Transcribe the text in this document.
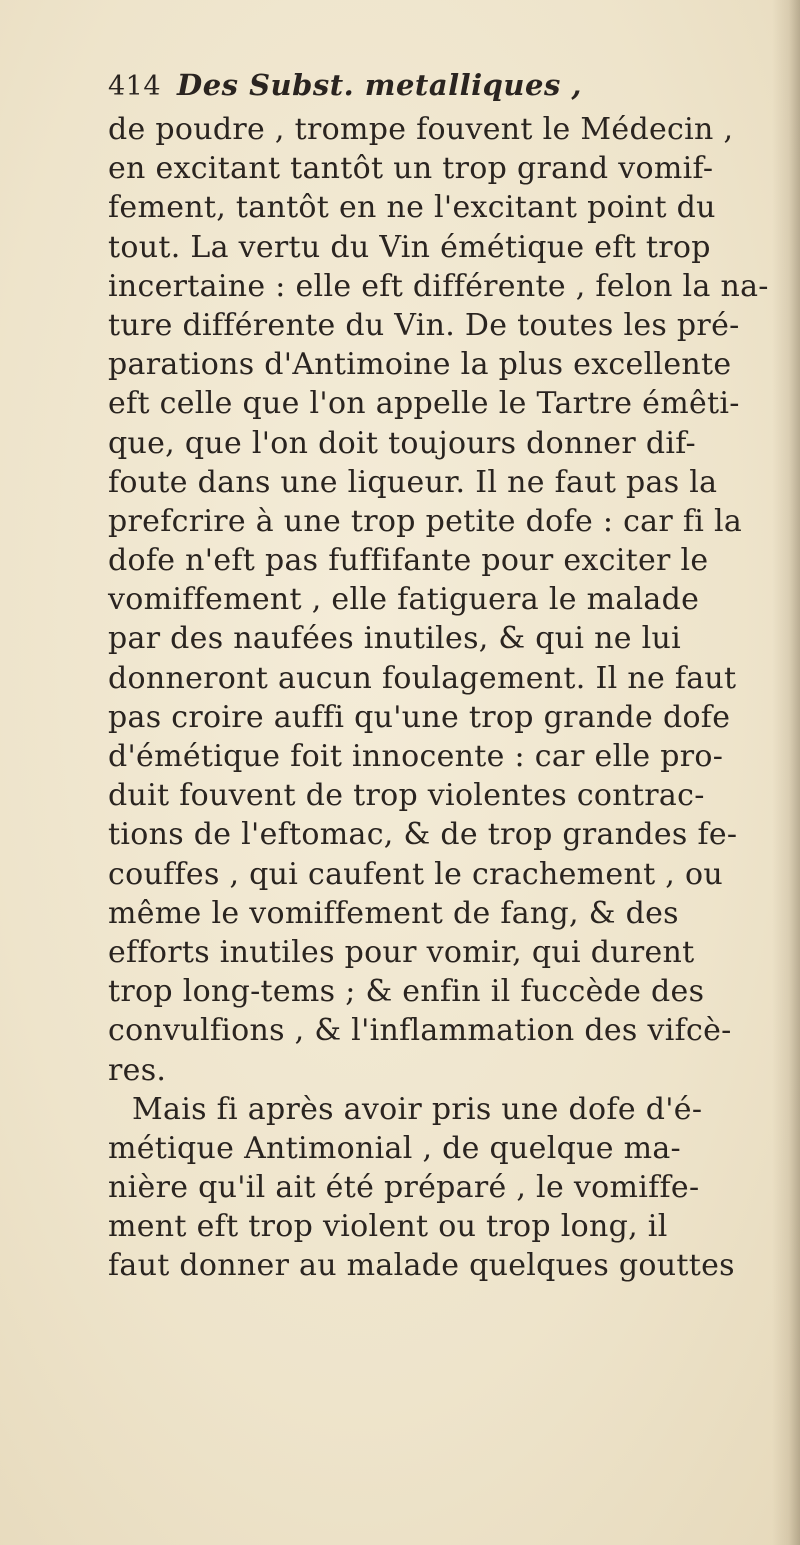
414 Des Subst. metalliques ,
de poudre , trompe fouvent le Médecin ,
en excitant tantôt un trop grand vomif-
fement, tantôt en ne l'excitant point du
tout. La vertu du Vin émétique eft trop
incertaine : elle eft différente , felon la na-
ture différente du Vin. De toutes les pré-
parations d'Antimoine la plus excellente
eft celle que l'on appelle le Tartre émêti-
que, que l'on doit toujours donner dif-
foute dans une liqueur. Il ne faut pas la
prefcrire à une trop petite dofe : car fi la
dofe n'eft pas fuffifante pour exciter le
vomiffement , elle fatiguera le malade
par des naufées inutiles, & qui ne lui
donneront aucun foulagement. Il ne faut
pas croire auffi qu'une trop grande dofe
d'émétique foit innocente : car elle pro-
duit fouvent de trop violentes contrac-
tions de l'eftomac, & de trop grandes fe-
couffes , qui caufent le crachement , ou
même le vomiffement de fang, & des
efforts inutiles pour vomir, qui durent
trop long-tems ; & enfin il fuccède des
convulfions , & l'inflammation des vifcè-
res.
Mais fi après avoir pris une dofe d'é-
métique Antimonial , de quelque ma-
nière qu'il ait été préparé , le vomiffe-
ment eft trop violent ou trop long, il
faut donner au malade quelques gouttes
